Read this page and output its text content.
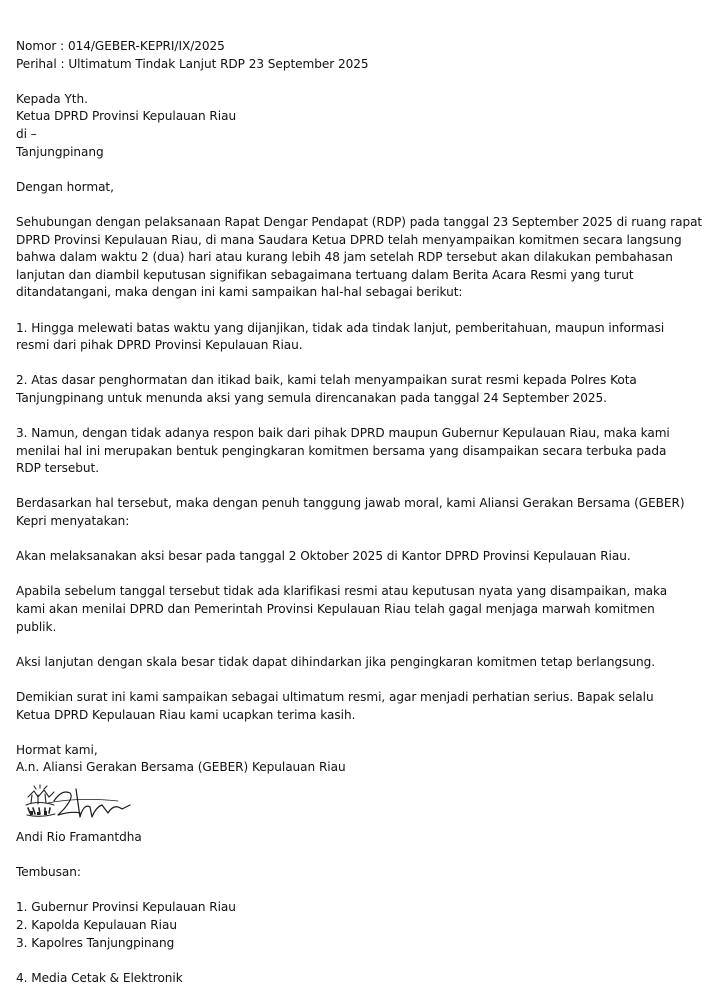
Nomor : 014/GEBER-KEPRI/IX/2025
Perihal : Ultimatum Tindak Lanjut RDP 23 September 2025

Kepada Yth.
Ketua DPRD Provinsi Kepulauan Riau
di –
Tanjungpinang

Dengan hormat,

Sehubungan dengan pelaksanaan Rapat Dengar Pendapat (RDP) pada tanggal 23 September 2025 di ruang rapat
DPRD Provinsi Kepulauan Riau, di mana Saudara Ketua DPRD telah menyampaikan komitmen secara langsung
bahwa dalam waktu 2 (dua) hari atau kurang lebih 48 jam setelah RDP tersebut akan dilakukan pembahasan
lanjutan dan diambil keputusan signifikan sebagaimana tertuang dalam Berita Acara Resmi yang turut
ditandatangani, maka dengan ini kami sampaikan hal-hal sebagai berikut:

1. Hingga melewati batas waktu yang dijanjikan, tidak ada tindak lanjut, pemberitahuan, maupun informasi
resmi dari pihak DPRD Provinsi Kepulauan Riau.

2. Atas dasar penghormatan dan itikad baik, kami telah menyampaikan surat resmi kepada Polres Kota
Tanjungpinang untuk menunda aksi yang semula direncanakan pada tanggal 24 September 2025.

3. Namun, dengan tidak adanya respon baik dari pihak DPRD maupun Gubernur Kepulauan Riau, maka kami
menilai hal ini merupakan bentuk pengingkaran komitmen bersama yang disampaikan secara terbuka pada
RDP tersebut.

Berdasarkan hal tersebut, maka dengan penuh tanggung jawab moral, kami Aliansi Gerakan Bersama (GEBER)
Kepri menyatakan:

Akan melaksanakan aksi besar pada tanggal 2 Oktober 2025 di Kantor DPRD Provinsi Kepulauan Riau.

Apabila sebelum tanggal tersebut tidak ada klarifikasi resmi atau keputusan nyata yang disampaikan, maka
kami akan menilai DPRD dan Pemerintah Provinsi Kepulauan Riau telah gagal menjaga marwah komitmen
publik.

Aksi lanjutan dengan skala besar tidak dapat dihindarkan jika pengingkaran komitmen tetap berlangsung.

Demikian surat ini kami sampaikan sebagai ultimatum resmi, agar menjadi perhatian serius. Bapak selalu
Ketua DPRD Kepulauan Riau kami ucapkan terima kasih.

Hormat kami,
A.n. Aliansi Gerakan Bersama (GEBER) Kepulauan Riau

Andi Rio Framantdha

Tembusan:

1. Gubernur Provinsi Kepulauan Riau
2. Kapolda Kepulauan Riau
3. Kapolres Tanjungpinang

4. Media Cetak & Elektronik
